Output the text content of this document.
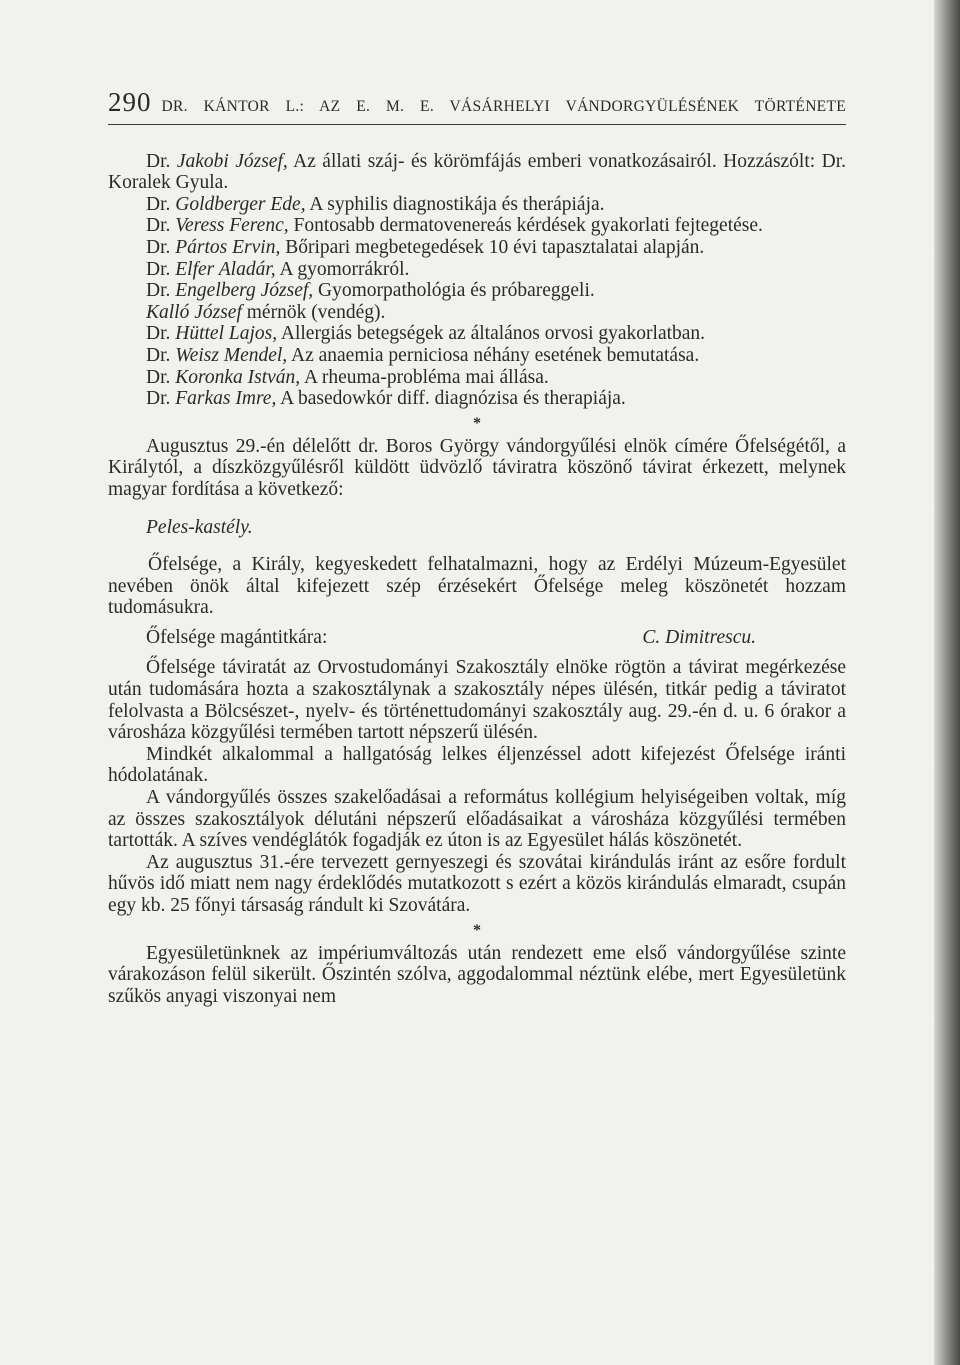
290 DR. KÁNTOR L.: AZ E. M. E. VÁSÁRHELYI VÁNDORGYÜLÉSÉNEK TÖRTÉNETE

Dr. Jakobi József, Az állati száj- és körömfájás emberi vonatkozásairól. Hozzászólt: Dr. Koralek Gyula.

Dr. Goldberger Ede, A syphilis diagnostikája és therápiája.

Dr. Veress Ferenc, Fontosabb dermatovenereás kérdések gyakorlati fejtegetése.

Dr. Pártos Ervin, Bőripari megbetegedések 10 évi tapasztalatai alapján.

Dr. Elfer Aladár, A gyomorrákról.

Dr. Engelberg József, Gyomorpathológia és próbareggeli.

Kalló József mérnök (vendég).

Dr. Hüttel Lajos, Allergiás betegségek az általános orvosi gyakorlatban.

Dr. Weisz Mendel, Az anaemia perniciosa néhány esetének bemutatása.

Dr. Koronka István, A rheuma-probléma mai állása.

Dr. Farkas Imre, A basedowkór diff. diagnózisa és therapiája.

*

Augusztus 29.-én délelőtt dr. Boros György vándorgyűlési elnök címére Őfelségétől, a Királytól, a díszközgyűlésről küldött üdvözlő táviratra köszönő távirat érkezett, melynek magyar fordítása a következő:

Peles-kastély.

Őfelsége, a Király, kegyeskedett felhatalmazni, hogy az Erdélyi Múzeum-Egyesület nevében önök által kifejezett szép érzésekért Őfelsége meleg köszönetét hozzam tudomásukra.

Őfelsége magántitkára:	C. Dimitrescu.

Őfelsége táviratát az Orvostudományi Szakosztály elnöke rögtön a távirat megérkezése után tudomására hozta a szakosztálynak a szakosztály népes ülésén, titkár pedig a táviratot felolvasta a Bölcsészet-, nyelv- és történettudományi szakosztály aug. 29.-én d. u. 6 órakor a városháza közgyűlési termében tartott népszerű ülésén.

Mindkét alkalommal a hallgatóság lelkes éljenzéssel adott kifejezést Őfelsége iránti hódolatának.

A vándorgyűlés összes szakelőadásai a református kollégium helyiségeiben voltak, míg az összes szakosztályok délutáni népszerű előadásaikat a városháza közgyűlési termében tartották. A szíves vendéglátók fogadják ez úton is az Egyesület hálás köszönetét.

Az augusztus 31.-ére tervezett gernyeszegi és szovátai kirándulás iránt az esőre fordult hűvös idő miatt nem nagy érdeklődés mutatkozott s ezért a közös kirándulás elmaradt, csupán egy kb. 25 főnyi társaság rándult ki Szovátára.

*

Egyesületünknek az impériumváltozás után rendezett eme első vándorgyűlése szinte várakozáson felül sikerült. Őszintén szólva, aggodalommal néztünk elébe, mert Egyesületünk szűkös anyagi viszonyai nem
